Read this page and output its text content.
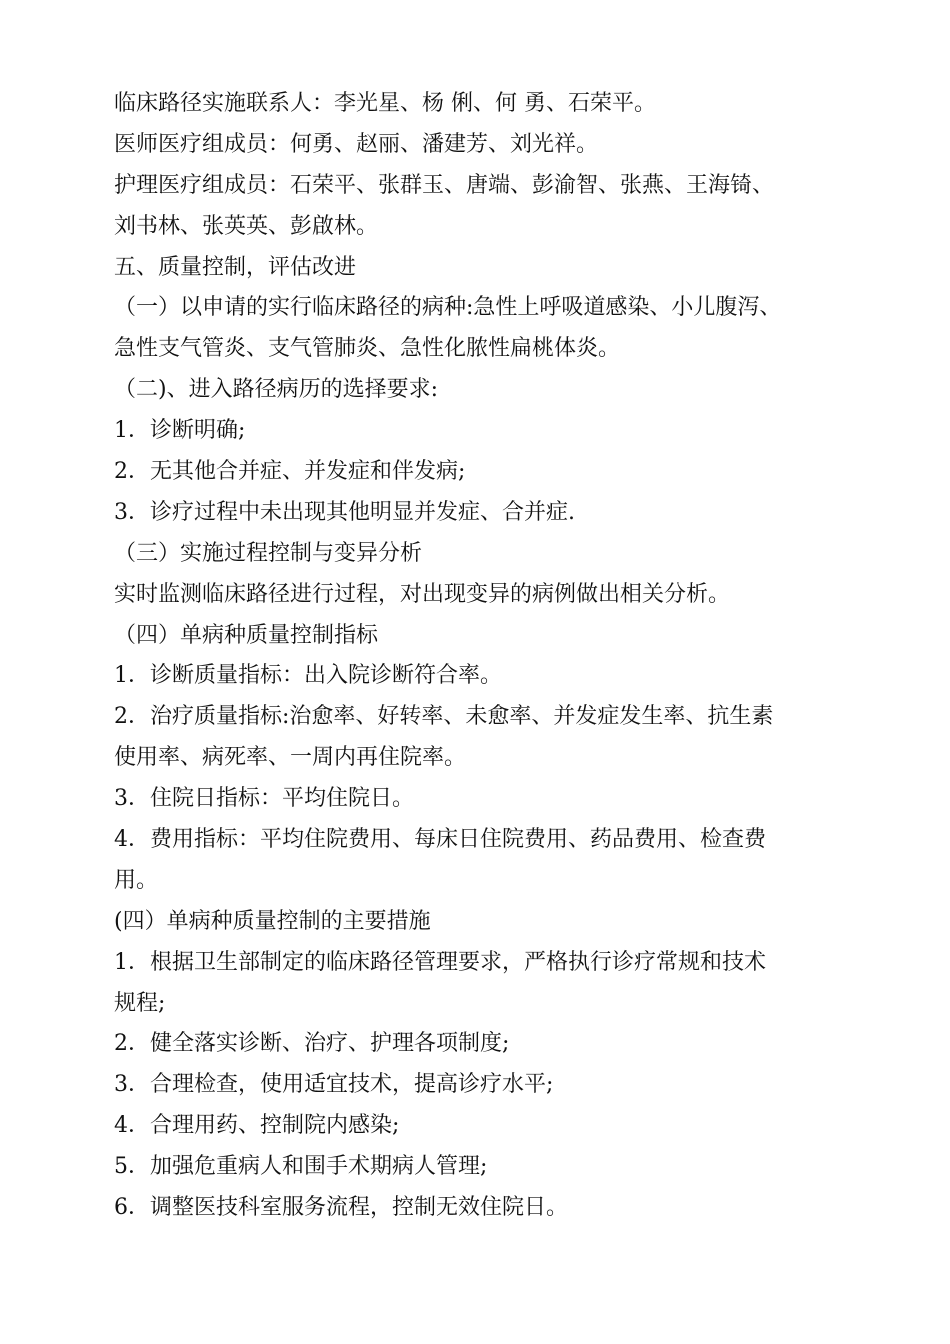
临床路径实施联系人：李光星、杨 俐、何 勇、石荣平。
医师医疗组成员：何勇、赵丽、潘建芳、刘光祥。
护理医疗组成员：石荣平、张群玉、唐端、彭渝智、张燕、王海锜、
刘书林、张英英、彭啟林。
五、质量控制，评估改进
（一）以申请的实行临床路径的病种:急性上呼吸道感染、小儿腹泻、
急性支气管炎、支气管肺炎、急性化脓性扁桃体炎。
（二)、进入路径病历的选择要求:
1．诊断明确;
2．无其他合并症、并发症和伴发病;
3．诊疗过程中未出现其他明显并发症、合并症.
（三）实施过程控制与变异分析
实时监测临床路径进行过程，对出现变异的病例做出相关分析。
（四）单病种质量控制指标
1．诊断质量指标：出入院诊断符合率。
2．治疗质量指标:治愈率、好转率、未愈率、并发症发生率、抗生素
使用率、病死率、一周内再住院率。
3．住院日指标：平均住院日。
4．费用指标：平均住院费用、每床日住院费用、药品费用、检查费
用。
(四）单病种质量控制的主要措施
1．根据卫生部制定的临床路径管理要求，严格执行诊疗常规和技术
规程;
2．健全落实诊断、治疗、护理各项制度;
3．合理检查，使用适宜技术，提高诊疗水平;
4．合理用药、控制院内感染;
5．加强危重病人和围手术期病人管理;
6．调整医技科室服务流程，控制无效住院日。
